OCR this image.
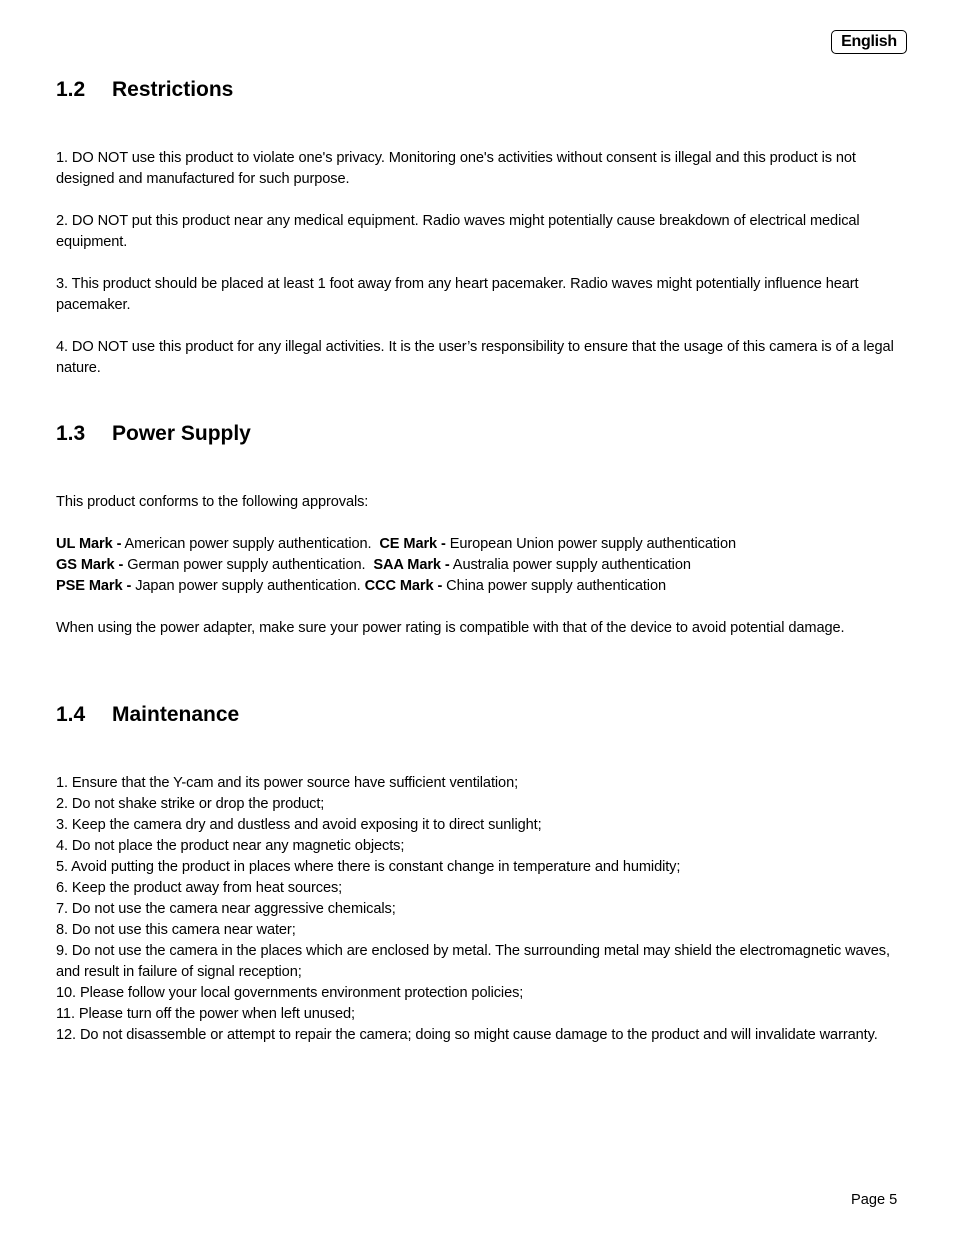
English
1.2 Restrictions

1. DO NOT use this product to violate one's privacy. Monitoring one's activities without consent is illegal and this product is not designed and manufactured for such purpose.

2. DO NOT put this product near any medical equipment. Radio waves might potentially cause breakdown of electrical medical equipment.

3. This product should be placed at least 1 foot away from any heart pacemaker. Radio waves might potentially influence heart pacemaker.

4. DO NOT use this product for any illegal activities. It is the user’s responsibility to ensure that the usage of this camera is of a legal nature.

1.3 Power Supply

This product conforms to the following approvals:

UL Mark - American power supply authentication.  CE Mark - European Union power supply authentication
GS Mark - German power supply authentication.  SAA Mark - Australia power supply authentication
PSE Mark - Japan power supply authentication. CCC Mark - China power supply authentication

When using the power adapter, make sure your power rating is compatible with that of the device to avoid potential damage.

1.4 Maintenance

1. Ensure that the Y-cam and its power source have sufficient ventilation;

2. Do not shake strike or drop the product;

3. Keep the camera dry and dustless and avoid exposing it to direct sunlight;

4. Do not place the product near any magnetic objects;

5. Avoid putting the product in places where there is constant change in temperature and humidity;

6. Keep the product away from heat sources;

7. Do not use the camera near aggressive chemicals;

8. Do not use this camera near water;

9. Do not use the camera in the places which are enclosed by metal. The surrounding metal may shield the electromagnetic waves, and result in failure of signal reception;

10. Please follow your local governments environment protection policies;

11. Please turn off the power when left unused;

12. Do not disassemble or attempt to repair the camera; doing so might cause damage to the product and will invalidate warranty.

Page 5
